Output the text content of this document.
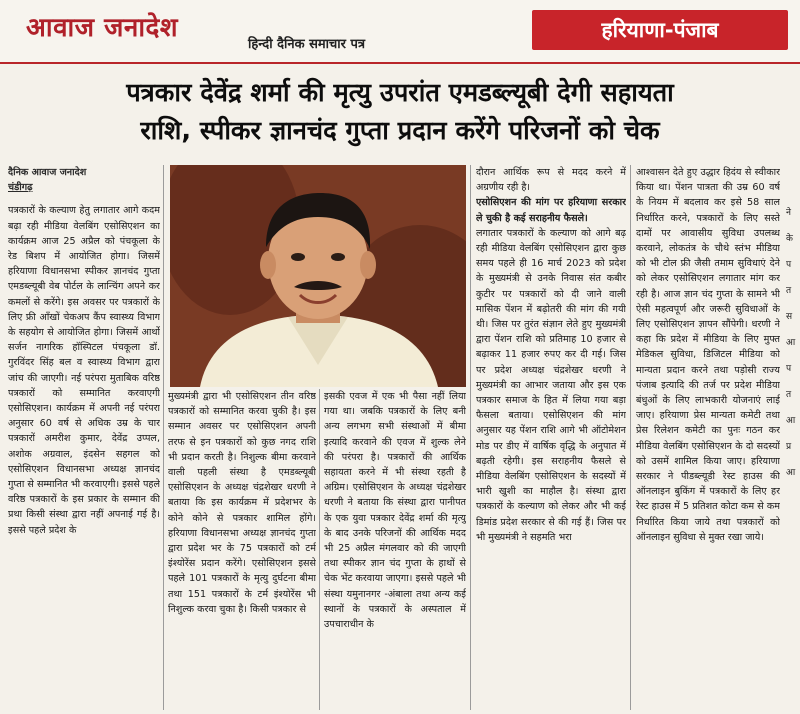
आवाज जनादेश
हिन्दी दैनिक समाचार पत्र
हरियाणा-पंजाब
पत्रकार देवेंद्र शर्मा की मृत्यु उपरांत एमडब्ल्यूबी देगी सहायता
राशि, स्पीकर ज्ञानचंद गुप्ता प्रदान करेंगे परिजनों को चेक
दैनिक आवाज जनादेश
चंडीगढ़

पत्रकारों के कल्याण हेतु लगातार आगे कदम बढ़ा रही मीडिया वेलबिंग एसोसिएशन का कार्यक्रम आज 25 अप्रैल को पंचकूला के रेड बिशप में आयोजित होगा। जिसमें हरियाणा विधानसभा स्पीकर ज्ञानचंद गुप्ता एमडब्ल्यूबी वेब पोर्टल के लान्चिंग अपने कर कमलों से करेंगे। इस अवसर पर पत्रकारों के लिए फ्री आँखों चेकअप कैंप स्वास्थ्य विभाग के सहयोग से आयोजित होगा। जिसमें आर्थो सर्जन नागरिक हॉस्पिटल पंचकूला डॉ. गुरविंदर सिंह बल व स्वास्थ्य विभाग द्वारा जांच की जाएगी। नई परंपरा मुताबिक वरिष्ठ पत्रकारों को सम्मानित करवाएगी एसोसिएशन। कार्यक्रम में अपनी नई परंपरा अनुसार 60 वर्ष से अधिक उम्र के चार पत्रकारों अमरीश कुमार, देवेंद्र उप्पल, अशोक अग्रवाल, इंदसेन सहगल को एसोसिएशन विधानसभा अध्यक्ष ज्ञानचंद गुप्ता से सम्मानित भी करवाएगी। इससे पहले वरिष्ठ पत्रकारों के इस प्रकार के सम्मान की प्रथा किसी संस्था द्वारा नहीं अपनाई गई है। इससे पहले प्रदेश के

मुख्यमंत्री द्वारा भी एसोसिएशन तीन वरिष्ठ पत्रकारों को सम्मानित करवा चुकी है। इस सम्मान अवसर पर एसोसिएशन अपनी तरफ से इन पत्रकारों को कुछ नगद राशि भी प्रदान करती है। निशुल्क बीमा करवाने वाली पहली संस्था है एमडब्ल्यूबी एसोसिएशन के अध्यक्ष चंद्रशेखर धरणी ने बताया कि इस कार्यक्रम में प्रदेशभर के कोने कोने से पत्रकार शामिल होंगे। हरियाणा विधानसभा अध्यक्ष ज्ञानचंद गुप्ता द्वारा प्रदेश भर के 75 पत्रकारों को टर्म इंश्योरेंस प्रदान करेंगे। एसोसिएशन इससे पहले 101 पत्रकारों के मृत्यु दुर्घटना बीमा तथा 151 पत्रकारों के टर्म इंश्योरेंस भी निशुल्क करवा चुका है। किसी पत्रकार से

इसकी एवज में एक भी पैसा नहीं लिया गया था। जबकि पत्रकारों के लिए बनी अन्य लगभग सभी संस्थाओं में बीमा इत्यादि करवाने की एवज में शुल्क लेने की परंपरा है। पत्रकारों की आर्थिक सहायता करने में भी संस्था रहती है अग्रिम। एसोसिएशन के अध्यक्ष चंद्रशेखर धरणी ने बताया कि संस्था द्वारा पानीपत के एक युवा पत्रकार देवेंद्र शर्मा की मृत्यु के बाद उनके परिजनों की आर्थिक मदद भी 25 अप्रैल मंगलवार को की जाएगी तथा स्पीकर ज्ञान चंद गुप्ता के हाथों से चेक भेंट करवाया जाएगा। इससे पहले भी संस्था यमुनानगर -अंबाला तथा अन्य कई स्थानों के पत्रकारों के अस्पताल में उपचाराधीन के

दौरान आर्थिक रूप से मदद करने में अग्रणीय रही है।

एसोसिएशन की मांग पर हरियाणा सरकार ले चुकी है कई सराहनीय फैसले।

लगातार पत्रकारों के कल्याण को आगे बढ़ रही मीडिया वेलबिंग एसोसिएशन द्वारा कुछ समय पहले ही 16 मार्च 2023 को प्रदेश के मुख्यमंत्री से उनके निवास संत कबीर कुटीर पर पत्रकारों को दी जाने वाली मासिक पेंशन में बढ़ोतरी की मांग की गयी थी। जिस पर तुरंत संज्ञान लेते हुए मुख्यमंत्री द्वारा पेंशन राशि को प्रतिमाह 10 हजार से बढ़ाकर 11 हजार रुपए कर दी गई। जिस पर प्रदेश अध्यक्ष चंद्रशेखर धरणी ने मुख्यमंत्री का आभार जताया और इस एक पत्रकार समाज के हित में लिया गया बड़ा फैसला बताया। एसोसिएशन की मांग अनुसार यह पेंशन राशि आगे भी ऑटोमेशन मोड पर डीए में वार्षिक वृद्धि के अनुपात में बढ़ती रहेगी। इस सराहनीय फैसले से मीडिया वेलबिंग एसोसिएशन के सदस्यों में भारी खुशी का माहौल है। संस्था द्वारा पत्रकारों के कल्याण को लेकर और भी कई डिमांड प्रदेश सरकार से की गई हैं। जिस पर भी मुख्यमंत्री ने सहमति भरा

आश्वासन देते हुए उद्धार हिदंय से स्वीकार किया था। पेंशन पात्रता की उम्र 60 वर्ष के नियम में बदलाव कर इसे 58 साल निर्धारित करने, पत्रकारों के लिए सस्ते दामों पर आवासीय सुविधा उपलब्ध करवाने, लोकतंत्र के चौथे स्तंभ मीडिया को भी टोल फ्री जैसी तमाम सुविधाएं देने को लेकर एसोसिएशन लगातार मांग कर रही है। आज ज्ञान चंद गुप्ता के सामने भी ऐसी महत्वपूर्ण और जरूरी सुविधाओं के लिए एसोसिएशन ज्ञापन सौंपेगी। धरणी ने कहा कि प्रदेश में मीडिया के लिए मुफ्त मेडिकल सुविधा, डिजिटल मीडिया को मान्यता प्रदान करने तथा पड़ोसी राज्य पंजाब इत्यादि की तर्ज पर प्रदेश मीडिया बंधुओं के लिए लाभकारी योजनाएं लाई जाए। हरियाणा प्रेस मान्यता कमेटी तथा प्रेस रिलेशन कमेटी का पुनः गठन कर मीडिया वेलबिंग एसोसिएशन के दो सदस्यों को उसमें शामिल किया जाए। हरियाणा सरकार ने पीडब्ल्यूडी रेस्ट हाउस की ऑनलाइन बुकिंग में पत्रकारों के लिए हर रेस्ट हाउस में 5 प्रतिशत कोटा कम से कम निर्धारित किया जाये तथा पत्रकारों को ऑनलाइन सुविधा से मुक्त रखा जाये।

ने के प त स आ प त आ प्र आ
